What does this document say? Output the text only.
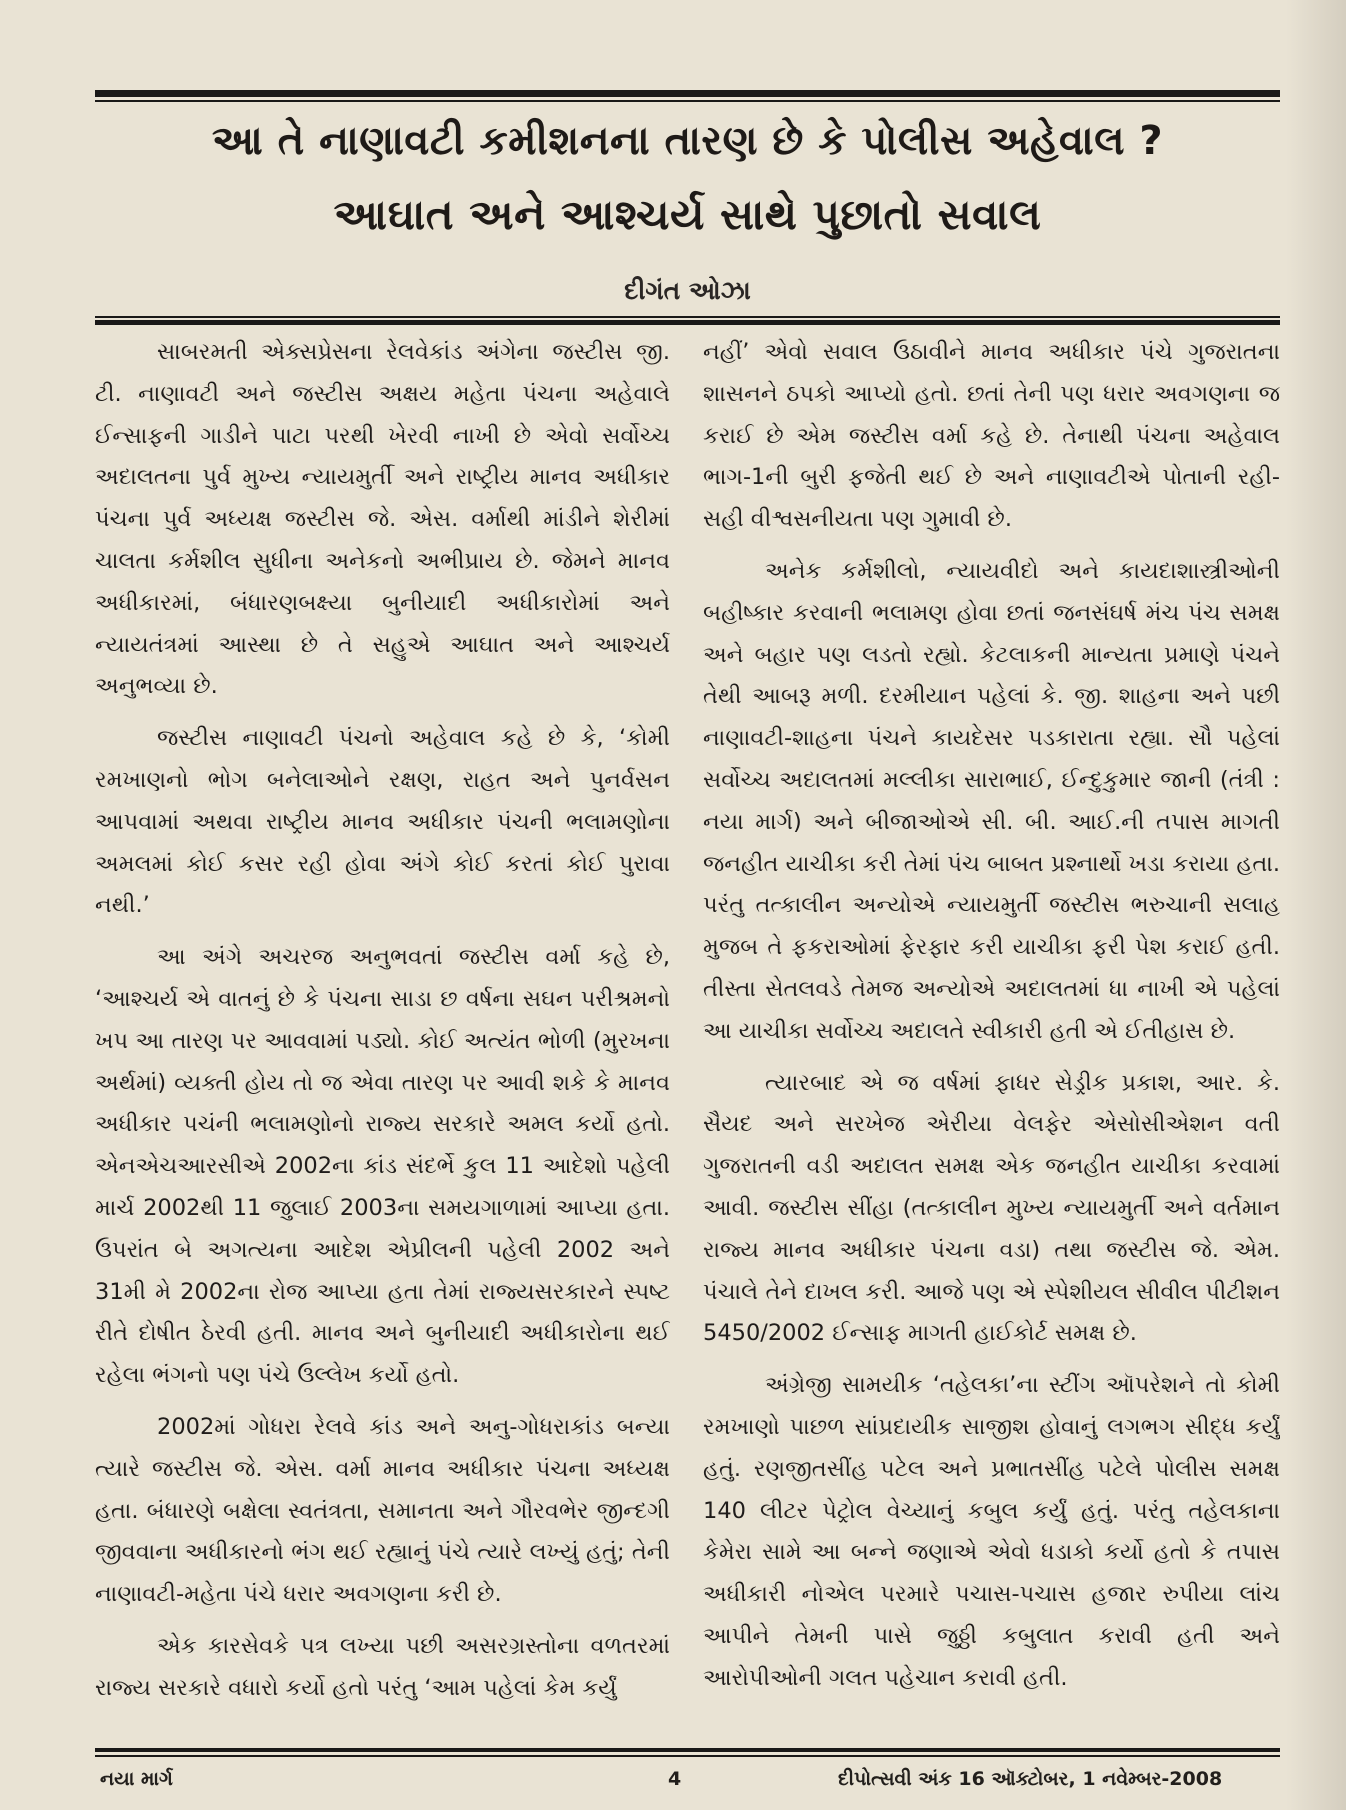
આ તે નાણાવટી કમીશનના તારણ છે કે પોલીસ અહેવાલ ?
આઘાત અને આશ્ચર્ય સાથે પુછાતો સવાલ
દીગંત ઓઝા

સાબરમતી એક્સપ્રેસના રેલવેકાંડ અંગેના જસ્ટીસ જી. ટી. નાણાવટી અને જસ્ટીસ અક્ષય મહેતા પંચના અહેવાલે ઈન્સાફની ગાડીને પાટા પરથી ખેરવી નાખી છે એવો સર્વોચ્ચ અદાલતના પુર્વ મુખ્ય ન્યાયમુર્તી અને રાષ્ટ્રીય માનવ અધીકાર પંચના પુર્વ અધ્યક્ષ જસ્ટીસ જે. એસ. વર્માથી માંડીને શેરીમાં ચાલતા કર્મશીલ સુધીના અનેકનો અભીપ્રાય છે. જેમને માનવ અધીકારમાં, બંધારણબક્ષ્યા બુનીયાદી અધીકારોમાં અને ન્યાયતંત્રમાં આસ્થા છે તે સહુએ આઘાત અને આશ્ચર્ય અનુભવ્યા છે.

જસ્ટીસ નાણાવટી પંચનો અહેવાલ કહે છે કે, ‘કોમી રમખાણનો ભોગ બનેલાઓને રક્ષણ, રાહત અને પુનર્વસન આપવામાં અથવા રાષ્ટ્રીય માનવ અધીકાર પંચની ભલામણોના અમલમાં કોઈ કસર રહી હોવા અંગે કોઈ કરતાં કોઈ પુરાવા નથી.’

આ અંગે અચરજ અનુભવતાં જસ્ટીસ વર્મા કહે છે, ‘આશ્ચર્ય એ વાતનું છે કે પંચના સાડા છ વર્ષના સઘન પરીશ્રમનો ખપ આ તારણ પર આવવામાં પડ્યો. કોઈ અત્યંત ભોળી (મુરખના અર્થમાં) વ્યક્તી હોય તો જ એવા તારણ પર આવી શકે કે માનવ અધીકાર પચંની ભલામણોનો રાજ્ય સરકારે અમલ કર્યો હતો. એનએચઆરસીએ 2002ના કાંડ સંદર્ભે કુલ 11 આદેશો પહેલી માર્ચ 2002થી 11 જુલાઈ 2003ના સમયગાળામાં આપ્યા હતા. ઉપરાંત બે અગત્યના આદેશ એપ્રીલની પહેલી 2002 અને 31મી મે 2002ના રોજ આપ્યા હતા તેમાં રાજ્યસરકારને સ્પષ્ટ રીતે દોષીત ઠેરવી હતી. માનવ અને બુનીયાદી અધીકારોના થઈ રહેલા ભંગનો પણ પંચે ઉલ્લેખ કર્યો હતો.

2002માં ગોધરા રેલવે કાંડ અને અનુ-ગોધરાકાંડ બન્યા ત્યારે જસ્ટીસ જે. એસ. વર્મા માનવ અધીકાર પંચના અધ્યક્ષ હતા. બંધારણે બક્ષેલા સ્વતંત્રતા, સમાનતા અને ગૌરવભેર જીન્દગી જીવવાના અધીકારનો ભંગ થઈ રહ્યાનું પંચે ત્યારે લખ્યું હતું; તેની નાણાવટી-મહેતા પંચે ધરાર અવગણના કરી છે.

એક કારસેવકે પત્ર લખ્યા પછી અસરગ્રસ્તોના વળતરમાં રાજ્ય સરકારે વધારો કર્યો હતો પરંતુ ‘આમ પહેલાં કેમ કર્યું

નહીં’ એવો સવાલ ઉઠાવીને માનવ અધીકાર પંચે ગુજરાતના શાસનને ઠપકો આપ્યો હતો. છતાં તેની પણ ધરાર અવગણના જ કરાઈ છે એમ જસ્ટીસ વર્મા કહે છે. તેનાથી પંચના અહેવાલ ભાગ-1ની બુરી ફજેતી થઈ છે અને નાણાવટીએ પોતાની રહી-સહી વીશ્વસનીયતા પણ ગુમાવી છે.

અનેક કર્મશીલો, ન્યાયવીદો અને કાયદાશાસ્ત્રીઓની બહીષ્કાર કરવાની ભલામણ હોવા છતાં જનસંઘર્ષ મંચ પંચ સમક્ષ અને બહાર પણ લડતો રહ્યો. કેટલાકની માન્યતા પ્રમાણે પંચને તેથી આબરૂ મળી. દરમીયાન પહેલાં કે. જી. શાહના અને પછી નાણાવટી-શાહના પંચને કાયદેસર પડકારાતા રહ્યા. સૌ પહેલાં સર્વોચ્ચ અદાલતમાં મલ્લીકા સારાભાઈ, ઈન્દુકુમાર જાની (તંત્રી : નયા માર્ગ) અને બીજાઓએ સી. બી. આઈ.ની તપાસ માગતી જનહીત યાચીકા કરી તેમાં પંચ બાબત પ્રશ્નાર્થો ખડા કરાયા હતા. પરંતુ તત્કાલીન અન્યોએ ન્યાયમુર્તી જસ્ટીસ ભરુચાની સલાહ મુજબ તે ફકરાઓમાં ફેરફાર કરી યાચીકા ફરી પેશ કરાઈ હતી. તીસ્તા સેતલવડે તેમજ અન્યોએ અદાલતમાં ધા નાખી એ પહેલાં આ યાચીકા સર્વોચ્ચ અદાલતે સ્વીકારી હતી એ ઈતીહાસ છે.

ત્યારબાદ એ જ વર્ષમાં ફાધર સેડ્રીક પ્રકાશ, આર. કે. સૈયદ અને સરખેજ એરીયા વેલફેર એસોસીએશન વતી ગુજરાતની વડી અદાલત સમક્ષ એક જનહીત યાચીકા કરવામાં આવી. જસ્ટીસ સીંહા (તત્કાલીન મુખ્ય ન્યાયમુર્તી અને વર્તમાન રાજ્ય માનવ અધીકાર પંચના વડા) તથા જસ્ટીસ જે. એમ. પંચાલે તેને દાખલ કરી. આજે પણ એ સ્પેશીયલ સીવીલ પીટીશન 5450/2002 ઈન્સાફ માગતી હાઈકોર્ટ સમક્ષ છે.

અંગ્રેજી સામયીક ‘તહેલકા’ના સ્ટીંગ ઑપરેશને તો કોમી રમખાણો પાછળ સાંપ્રદાયીક સાજીશ હોવાનું લગભગ સીદ્ધ કર્યું હતું. રણજીતસીંહ પટેલ અને પ્રભાતસીંહ પટેલે પોલીસ સમક્ષ 140 લીટર પેટ્રોલ વેચ્યાનું કબુલ કર્યું હતું. પરંતુ તહેલકાના કેમેરા સામે આ બન્ને જણાએ એવો ધડાકો કર્યો હતો કે તપાસ અધીકારી નોએલ પરમારે પચાસ-પચાસ હજાર રુપીયા લાંચ આપીને તેમની પાસે જુઠ્ઠી કબુલાત કરાવી હતી અને આરોપીઓની ગલત પહેચાન કરાવી હતી.

નયા માર્ગ	4	દીપોત્સવી અંક 16 ઑક્ટોબર, 1 નવેમ્બર-2008
